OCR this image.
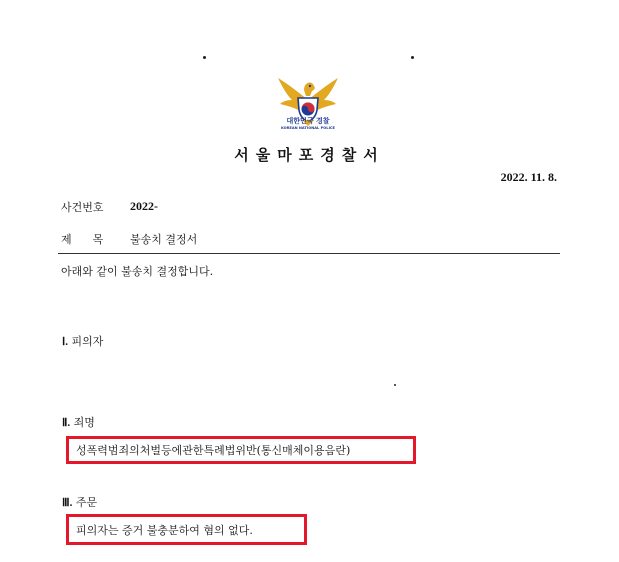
대한민국 경찰
KOREAN NATIONAL POLICE
서울마포경찰서
2022. 11. 8.
사건번호 2022-
제      목 불송치 결정서
아래와 같이 불송치 결정합니다.
Ⅰ. 피의자
Ⅱ. 죄명
성폭력범죄의처벌등에관한특례법위반(통신매체이용음란)
Ⅲ. 주문
피의자는 증거 불충분하여 혐의 없다.
